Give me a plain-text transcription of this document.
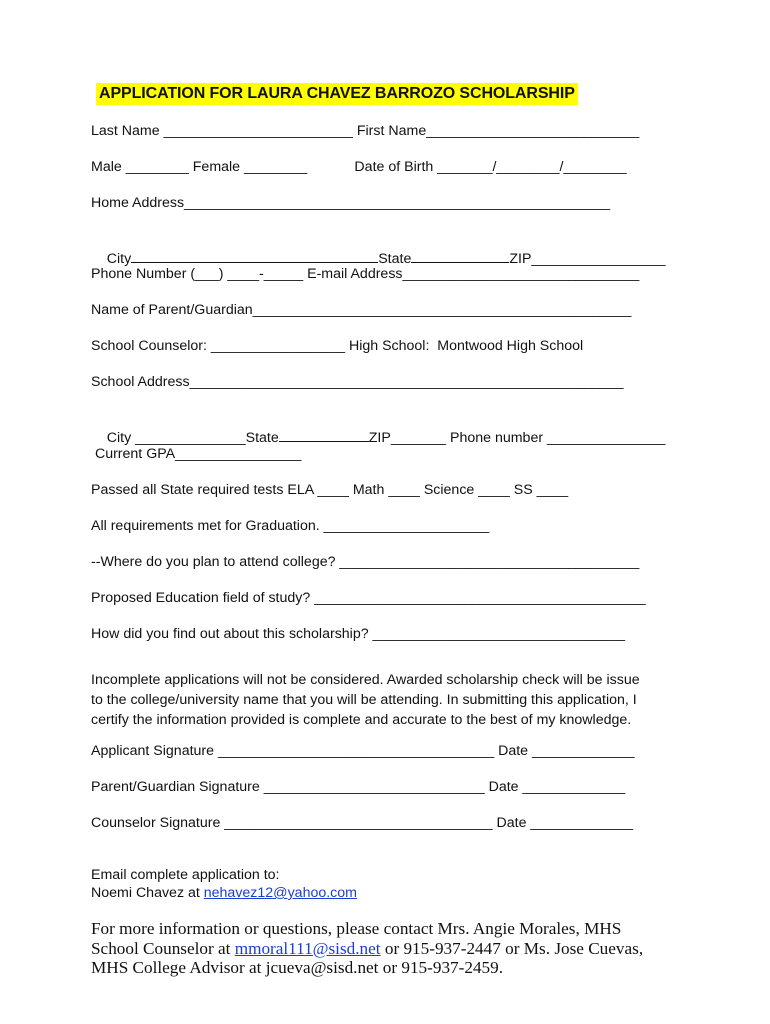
APPLICATION FOR LAURA CHAVEZ BARROZO SCHOLARSHIP
Last Name ________________________ First Name___________________________
Male ________ Female ________            Date of Birth _______/________/________
Home Address______________________________________________________

City	State	ZIP_________________

Phone Number (___) ____-_____ E-mail Address______________________________
Name of Parent/Guardian________________________________________________
School Counselor: _________________ High School:  Montwood High School
School Address_______________________________________________________

City ______________State	ZIP_______ Phone number _______________

Current GPA________________
Passed all State required tests ELA ____ Math ____ Science ____ SS ____
All requirements met for Graduation. _____________________
--Where do you plan to attend college? ______________________________________
Proposed Education field of study? __________________________________________
How did you find out about this scholarship? ________________________________
Incomplete applications will not be considered. Awarded scholarship check will be issue
to the college/university name that you will be attending. In submitting this application, I
certify the information provided is complete and accurate to the best of my knowledge.
Applicant Signature ___________________________________ Date _____________
Parent/Guardian Signature ____________________________ Date _____________
Counselor Signature __________________________________ Date _____________
Email complete application to:
Noemi Chavez at nehavez12@yahoo.com
For more information or questions, please contact Mrs. Angie Morales, MHS
School Counselor at mmoral111@sisd.net or 915-937-2447 or Ms. Jose Cuevas,
MHS College Advisor at jcueva@sisd.net or 915-937-2459.
